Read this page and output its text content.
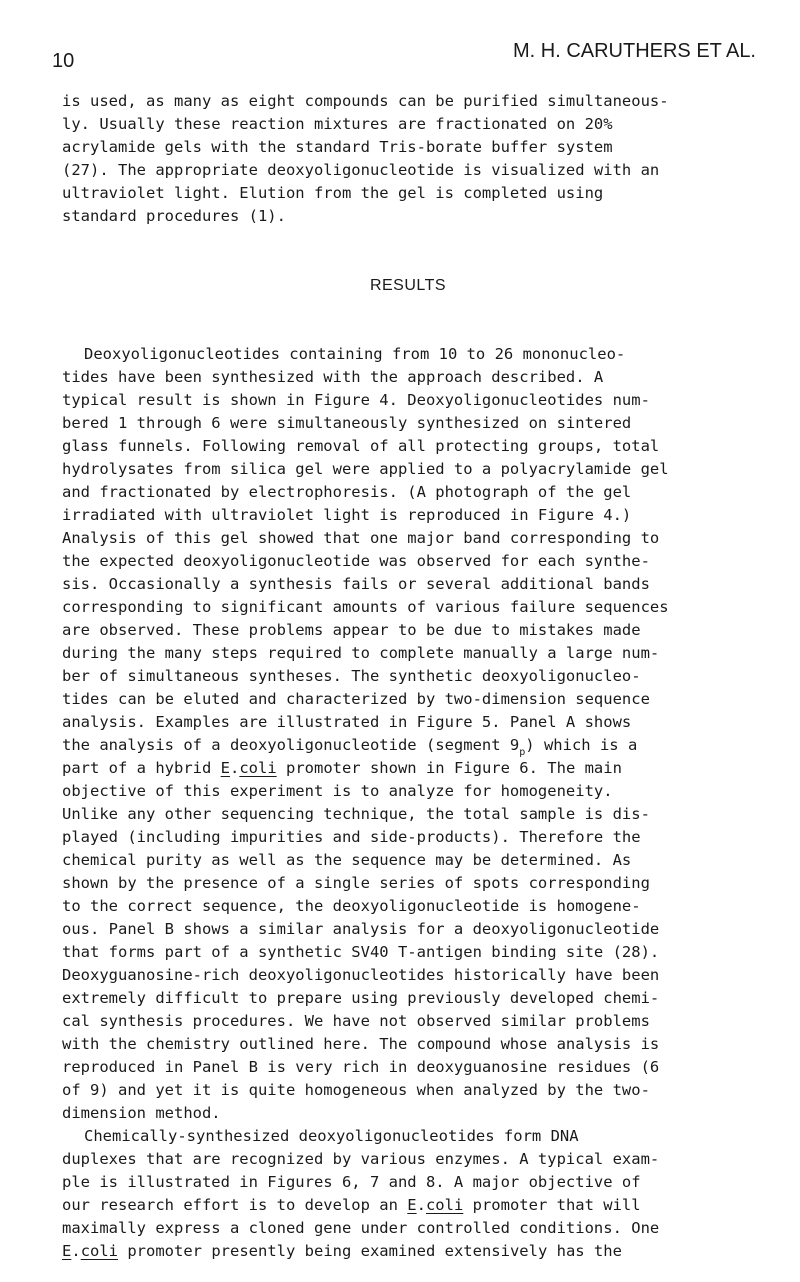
10	M. H. CARUTHERS ET AL.
is used, as many as eight compounds can be purified simultaneous-
ly. Usually these reaction mixtures are fractionated on 20%
acrylamide gels with the standard Tris-borate buffer system
(27). The appropriate deoxyoligonucleotide is visualized with an
ultraviolet light. Elution from the gel is completed using
standard procedures (1).
RESULTS
Deoxyoligonucleotides containing from 10 to 26 mononucleo-
tides have been synthesized with the approach described. A
typical result is shown in Figure 4. Deoxyoligonucleotides num-
bered 1 through 6 were simultaneously synthesized on sintered
glass funnels. Following removal of all protecting groups, total
hydrolysates from silica gel were applied to a polyacrylamide gel
and fractionated by electrophoresis. (A photograph of the gel
irradiated with ultraviolet light is reproduced in Figure 4.)
Analysis of this gel showed that one major band corresponding to
the expected deoxyoligonucleotide was observed for each synthe-
sis. Occasionally a synthesis fails or several additional bands
corresponding to significant amounts of various failure sequences
are observed. These problems appear to be due to mistakes made
during the many steps required to complete manually a large num-
ber of simultaneous syntheses. The synthetic deoxyoligonucleo-
tides can be eluted and characterized by two-dimension sequence
analysis. Examples are illustrated in Figure 5. Panel A shows
the analysis of a deoxyoligonucleotide (segment $9_p$) which is a
part of a hybrid E . coli promoter shown in Figure 6. The main
objective of this experiment is to analyze for homogeneity.
Unlike any other sequencing technique, the total sample is dis-
played (including impurities and side-products). Therefore the
chemical purity as well as the sequence may be determined. As
shown by the presence of a single series of spots corresponding
to the correct sequence, the deoxyoligonucleotide is homogene-
ous. Panel B shows a similar analysis for a deoxyoligonucleotide
that forms part of a synthetic SV40 T-antigen binding site (28).
Deoxyguanosine-rich deoxyoligonucleotides historically have been
extremely difficult to prepare using previously developed chemi-
cal synthesis procedures. We have not observed similar problems
with the chemistry outlined here. The compound whose analysis is
reproduced in Panel B is very rich in deoxyguanosine residues (6
of 9) and yet it is quite homogeneous when analyzed by the two-
dimension method.
Chemically-synthesized deoxyoligonucleotides form DNA
duplexes that are recognized by various enzymes. A typical exam-
ple is illustrated in Figures 6, 7 and 8. A major objective of
our research effort is to develop an E . coli promoter that will
maximally express a cloned gene under controlled conditions. One
E . coli promoter presently being examined extensively has the
